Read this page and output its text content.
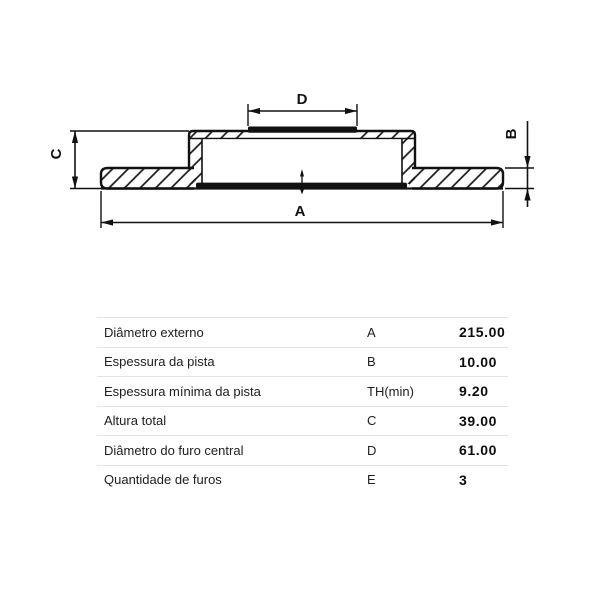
D
C
B
A
Diâmetro externo	A	215.00
Espessura da pista	B	10.00
Espessura mínima da pista	TH(min)	9.20
Altura total	C	39.00
Diâmetro do furo central	D	61.00
Quantidade de furos	E	3
